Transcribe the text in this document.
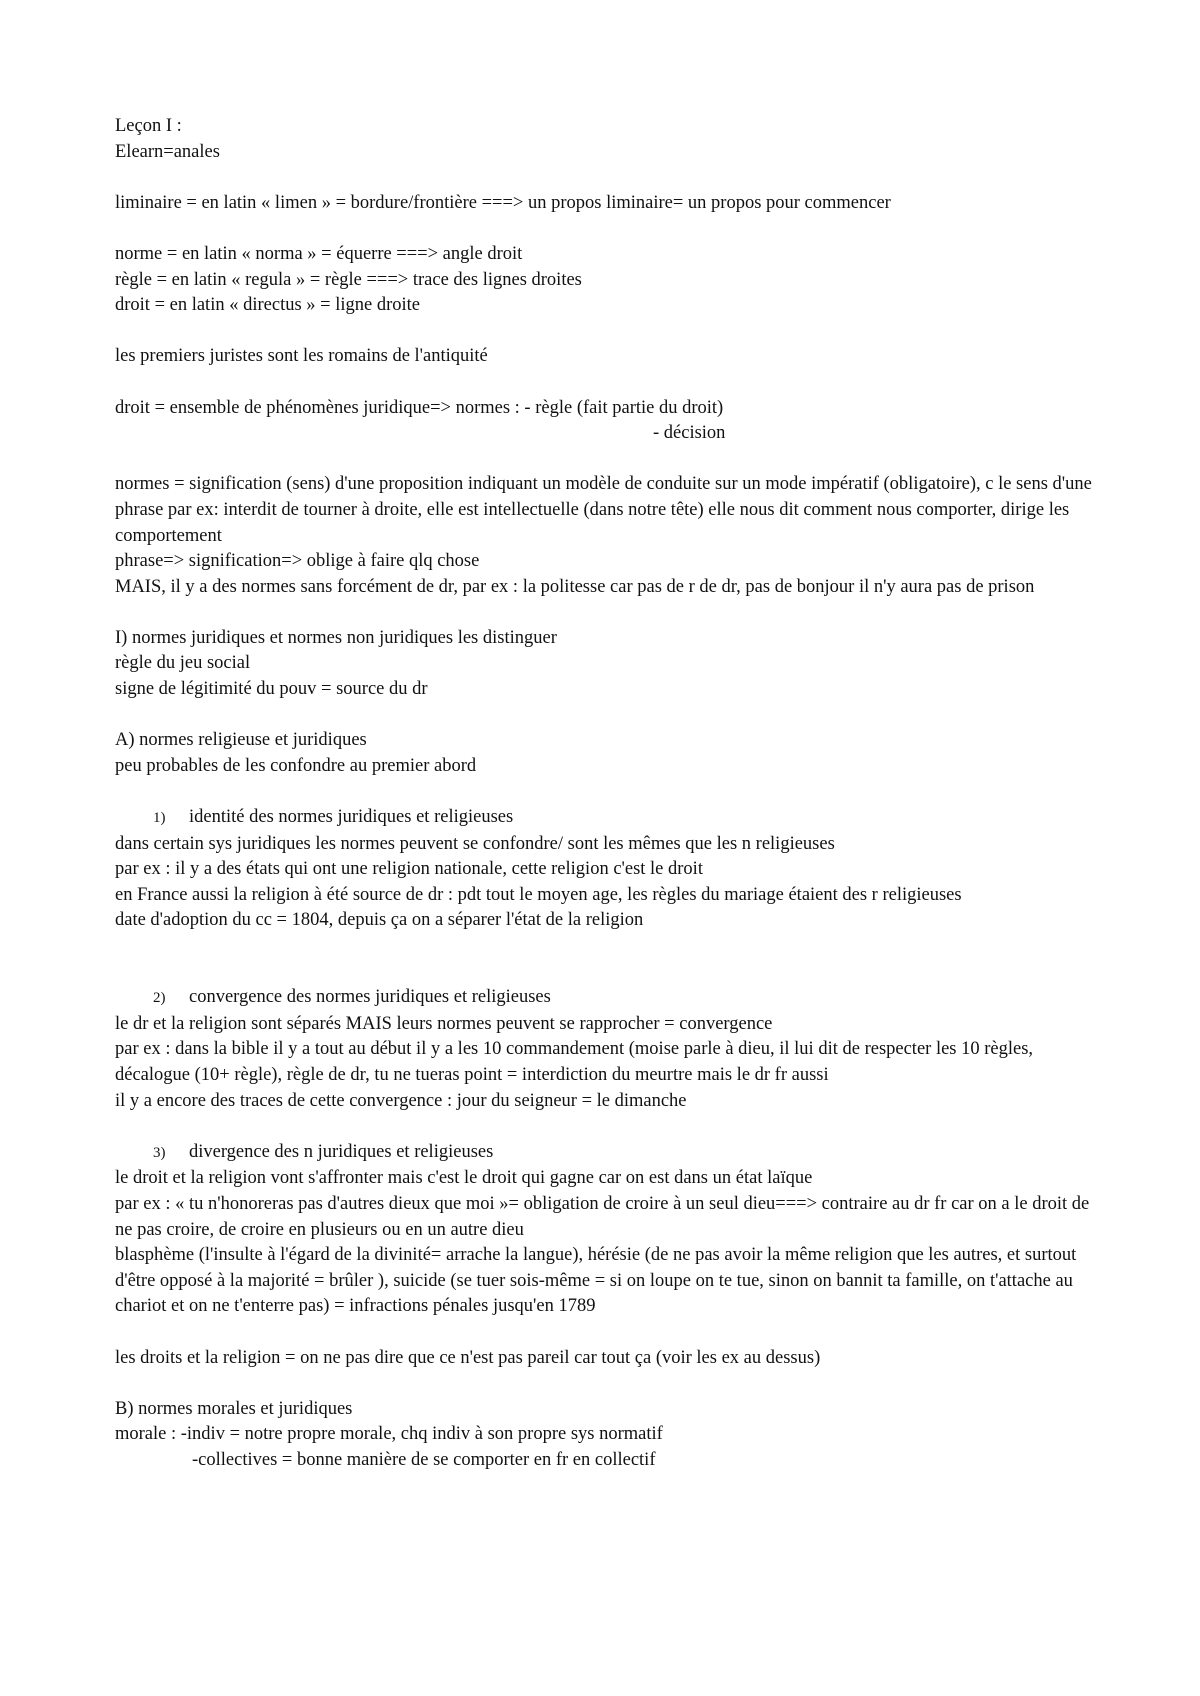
Leçon I :
Elearn=anales
liminaire = en latin « limen » = bordure/frontière ===> un propos liminaire= un propos pour commencer
norme = en latin « norma » = équerre ===> angle droit
règle = en latin « regula » = règle ===> trace des lignes droites
droit = en latin « directus » = ligne droite
les premiers juristes sont les romains de l'antiquité
droit = ensemble de phénomènes juridique=> normes : - règle (fait partie du droit)
- décision
normes = signification (sens) d'une proposition indiquant un modèle de conduite sur un mode impératif (obligatoire), c le sens d'une phrase par ex: interdit de tourner à droite, elle est intellectuelle (dans notre tête) elle nous dit comment nous comporter, dirige les comportement
phrase=> signification=> oblige à faire qlq chose
MAIS, il y a des normes sans forcément de dr, par ex : la politesse car pas de r de dr, pas de bonjour il n'y aura pas de prison
I) normes juridiques et normes non juridiques les distinguer
règle du jeu social
signe de légitimité du pouv = source du dr
A) normes religieuse et juridiques
peu probables de les confondre au premier abord
1) identité des normes juridiques et religieuses
dans certain sys juridiques les normes peuvent se confondre/ sont les mêmes que les n religieuses
par ex : il y a des états qui ont une religion nationale, cette religion c'est le droit
en France aussi la religion à été source de dr : pdt tout le moyen age, les règles du mariage étaient des r religieuses
date d'adoption du cc = 1804, depuis ça on a séparer l'état de la religion
2) convergence des normes juridiques et religieuses
le dr et la religion sont séparés MAIS leurs normes peuvent se rapprocher = convergence
par ex : dans la bible il y a tout au début il y a les 10 commandement (moise parle à dieu, il lui dit de respecter les 10 règles, décalogue (10+ règle), règle de dr, tu ne tueras point = interdiction du meurtre mais le dr fr aussi
il y a encore des traces de cette convergence : jour du seigneur = le dimanche
3) divergence des n juridiques et religieuses
le droit et la religion vont s'affronter mais c'est le droit qui gagne car on est dans un état laïque
par ex : « tu n'honoreras pas d'autres dieux que moi »= obligation de croire à un seul dieu===> contraire au dr fr car on a le droit de ne pas croire, de croire en plusieurs ou en un autre dieu
blasphème (l'insulte à l'égard de la divinité= arrache la langue), hérésie (de ne pas avoir la même religion que les autres, et surtout d'être opposé à la majorité = brûler ), suicide (se tuer sois-même = si on loupe on te tue, sinon on bannit ta famille, on t'attache au chariot et on ne t'enterre pas) = infractions pénales jusqu'en 1789
les droits et la religion = on ne pas dire que ce n'est pas pareil car tout ça (voir les ex au dessus)
B) normes morales et juridiques
morale : -indiv = notre propre morale, chq indiv à son propre sys normatif
-collectives = bonne manière de se comporter en fr en collectif
